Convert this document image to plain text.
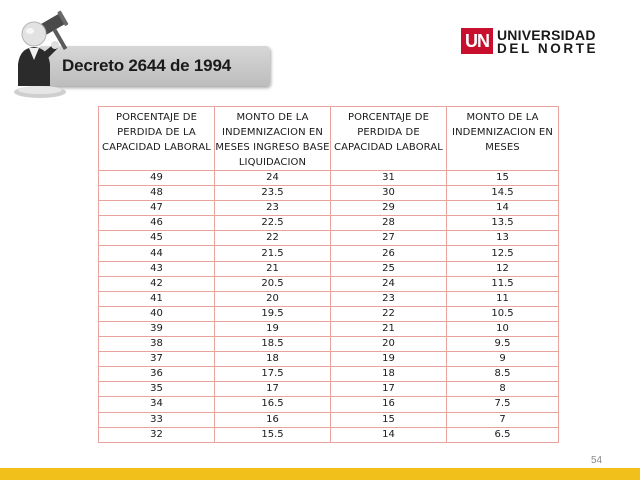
Decreto 2644 de 1994
UN UNIVERSIDAD
DEL NORTE
PORCENTAJE DE PERDIDA DE LA CAPACIDAD LABORAL	MONTO DE LA INDEMNIZACION EN MESES INGRESO BASE LIQUIDACION	PORCENTAJE DE PERDIDA DE CAPACIDAD LABORAL	MONTO DE LA INDEMNIZACION EN MESES
49	24	31	15
48	23.5	30	14.5
47	23	29	14
46	22.5	28	13.5
45	22	27	13
44	21.5	26	12.5
43	21	25	12
42	20.5	24	11.5
41	20	23	11
40	19.5	22	10.5
39	19	21	10
38	18.5	20	9.5
37	18	19	9
36	17.5	18	8.5
35	17	17	8
34	16.5	16	7.5
33	16	15	7
32	15.5	14	6.5
54
